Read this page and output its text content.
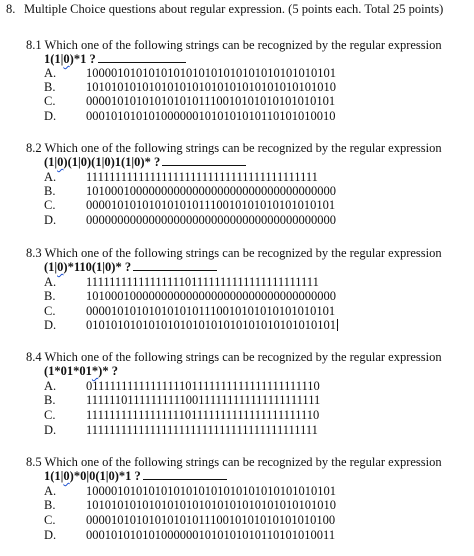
8. Multiple Choice questions about regular expression. (5 points each. Total 25 points)
8.1 Which one of the following strings can be recognized by the regular expression
1(1|0)*1 ?
A. 1000010101010101010101010101010101010101
B. 1010101010101010101010101010101010101010
C. 0000101010101010101110010101010101010101
D. 0001010101010000001010101010110101010010
8.2 Which one of the following strings can be recognized by the regular expression
(1|0)(1|0)(1|0)1(1|0)* ?
A. 1111111111111111111111111111111111111111
B. 1010001000000000000000000000000000000000
C. 0000101010101010101110010101010101010101
D. 0000000000000000000000000000000000000000
8.3 Which one of the following strings can be recognized by the regular expression
(1|0)*110(1|0)* ?
A. 1111111111111111101111111111111111111111
B. 1010001000000000000000000000000000000000
C. 0000101010101010101110010101010101010101
D. 0101010101010101010101010101010101010101
8.4 Which one of the following strings can be recognized by the regular expression
(1*01*01*)* ?
A. 0111111111111111101111111111111111111110
B. 1111110111111111100111111111111111111111
C. 1111111111111111101111111111111111111110
D. 1111111111111111111111111111111111111111
8.5 Which one of the following strings can be recognized by the regular expression
1(1|0)*0|0(1|0)*1 ?
A. 1000010101010101010101010101010101010101
B. 1010101010101010101010101010101010101010
C. 0000101010101010101110010101010101010100
D. 0001010101010000001010101010110101010011
